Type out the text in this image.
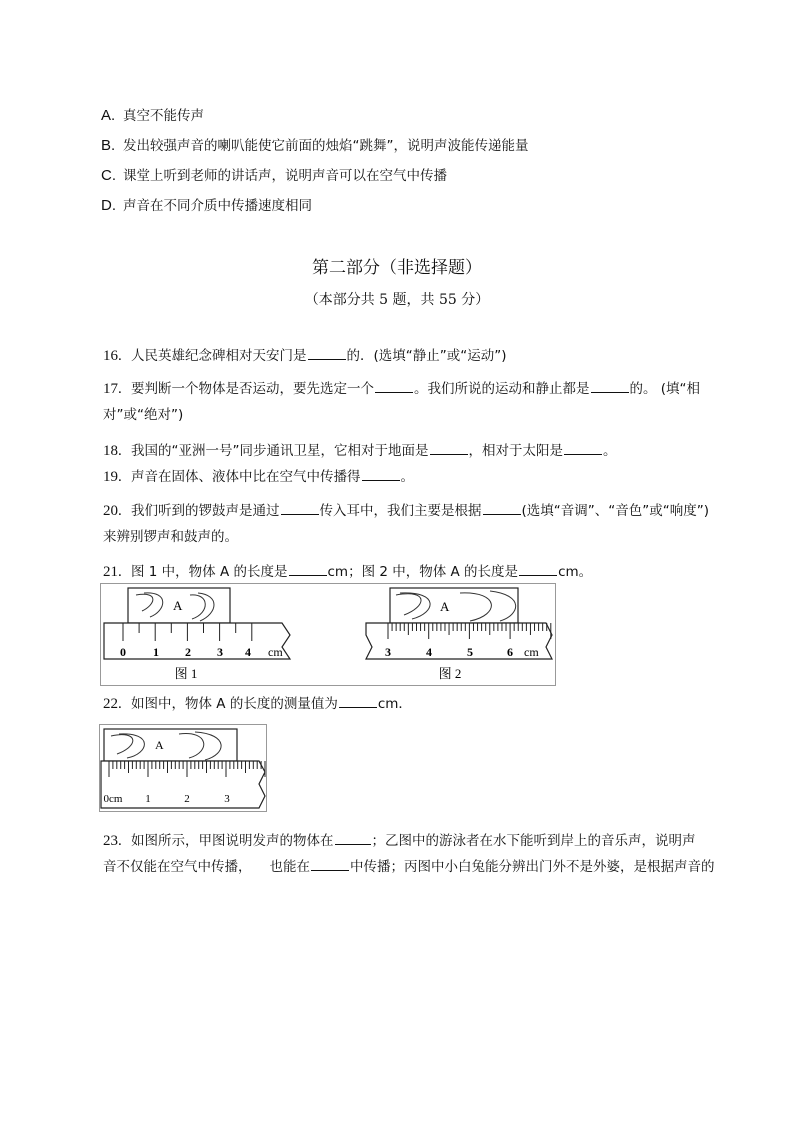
A. 真空不能传声
B. 发出较强声音的喇叭能使它前面的烛焰“跳舞”，说明声波能传递能量
C. 课堂上听到老师的讲话声，说明声音可以在空气中传播
D. 声音在不同介质中传播速度相同
第二部分（非选择题）
（本部分共 5 题，共 55 分）
16. 人民英雄纪念碑相对天安门是	的．(选填“静止”或“运动”)
17. 要判断一个物体是否运动，要先选定一个	。我们所说的运动和静止都是	的。 (填“相
对”或“绝对”)
18. 我国的“亚洲一号”同步通讯卫星，它相对于地面是	，相对于太阳是	。
19. 声音在固体、液体中比在空气中传播得	。
20. 我们听到的锣鼓声是通过	传入耳中，我们主要是根据	(选填“音调”、“音色”或“响度”)
来辨别锣声和鼓声的。
21. 图 1 中，物体 A 的长度是	cm；图 2 中，物体 A 的长度是	cm。
A
0 1 2 3 4 cm
图 1
A
3	4	5	6 cm
图 2
22. 如图中，物体 A 的长度的测量值为	cm．
A
0cm 1	2	3
23. 如图所示，甲图说明发声的物体在	；乙图中的游泳者在水下能听到岸上的音乐声，说明声
音不仅能在空气中传播， 也能在	中传播；丙图中小白兔能分辨出门外不是外婆，是根据声音的
